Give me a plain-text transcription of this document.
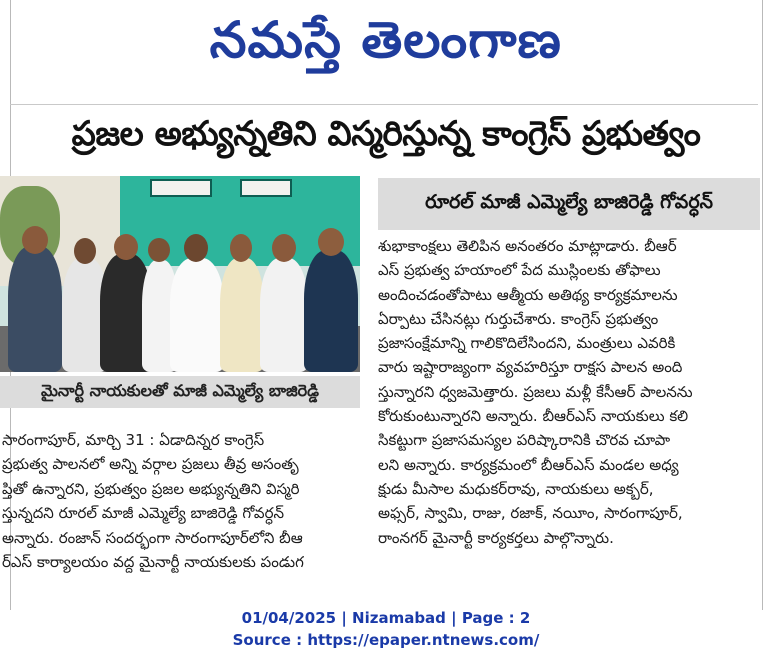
నమస్తే తెలంగాణ
ప్రజల అభ్యున్నతిని విస్మరిస్తున్న కాంగ్రెస్ ప్రభుత్వం
మైనార్టీ నాయకులతో మాజీ ఎమ్మెల్యే బాజిరెడ్డి
రూరల్ మాజీ ఎమ్మెల్యే బాజిరెడ్డి గోవర్ధన్
శుభాకాంక్షలు తెలిపిన అనంతరం మాట్లాడారు. బీఆర్
ఎస్ ప్రభుత్వ హయాంలో పేద ముస్లింలకు తోఫాలు
అందించడంతోపాటు ఆత్మీయ అతిథ్య కార్యక్రమాలను
ఏర్పాటు చేసినట్లు గుర్తుచేశారు. కాంగ్రెస్ ప్రభుత్వం
ప్రజాసంక్షేమాన్ని గాలికొదిలేసిందని, మంత్రులు ఎవరికి
వారు ఇష్టారాజ్యంగా వ్యవహరిస్తూ రాక్షస పాలన అంది
స్తున్నారని ధ్వజమెత్తారు. ప్రజలు మళ్లీ కేసీఆర్ పాలనను
కోరుకుంటున్నారని అన్నారు. బీఆర్‌ఎస్ నాయకులు కలి
సికట్టుగా ప్రజాసమస్యల పరిష్కారానికి చొరవ చూపా
లని అన్నారు. కార్యక్రమంలో బీఆర్‌ఎస్ మండల అధ్య
క్షుడు మీసాల మధుకర్‌రావు, నాయకులు అక్బర్,
అఫ్సర్, స్వామి, రాజు, రజాక్, నయీం, సారంగాపూర్,
రాంనగర్ మైనార్టీ కార్యకర్తలు పాల్గొన్నారు.
సారంగాపూర్, మార్చి 31 : ఏడాదిన్నర కాంగ్రెస్
ప్రభుత్వ పాలనలో అన్ని వర్గాల ప్రజలు తీవ్ర అసంతృ
ప్తితో ఉన్నారని, ప్రభుత్వం ప్రజల అభ్యున్నతిని విస్మరి
స్తున్నదని రూరల్ మాజీ ఎమ్మెల్యే బాజిరెడ్డి గోవర్ధన్
అన్నారు. రంజాన్ సందర్భంగా సారంగాపూర్‌లోని బీఆ
ర్‌ఎస్ కార్యాలయం వద్ద మైనార్టీ నాయకులకు పండుగ
01/04/2025 | Nizamabad | Page : 2
Source : https://epaper.ntnews.com/
